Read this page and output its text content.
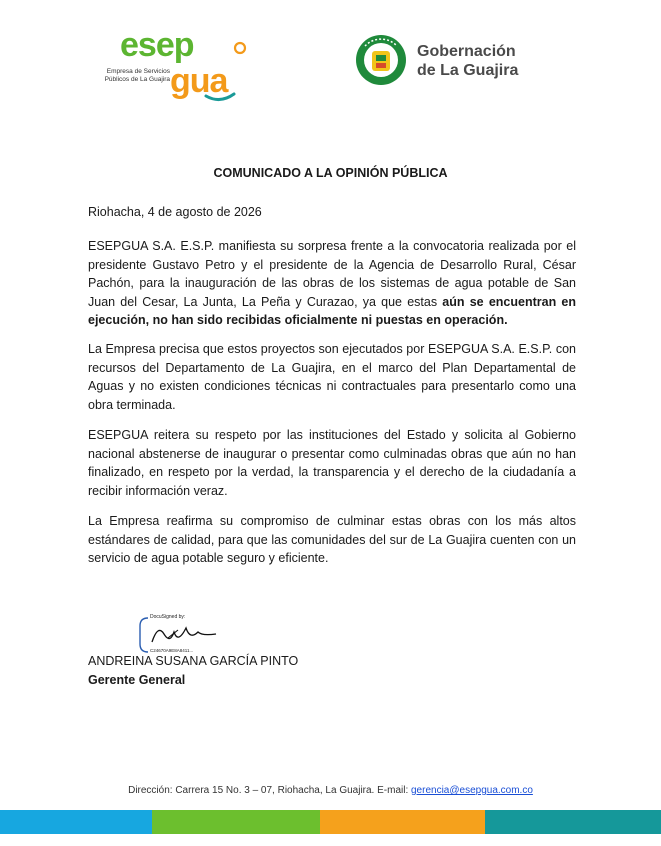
esep
gua
Empresa de Servicios Públicos de La Guajira
Gobernación
de La Guajira
COMUNICADO A LA OPINIÓN PÚBLICA

Riohacha, 4 de agosto de 2026

ESEPGUA S.A. E.S.P. manifiesta su sorpresa frente a la convocatoria realizada por el presidente Gustavo Petro y el presidente de la Agencia de Desarrollo Rural, César Pachón, para la inauguración de las obras de los sistemas de agua potable de San Juan del Cesar, La Junta, La Peña y Curazao, ya que estas aún se encuentran en ejecución, no han sido recibidas oficialmente ni puestas en operación.

La Empresa precisa que estos proyectos son ejecutados por ESEPGUA S.A. E.S.P. con recursos del Departamento de La Guajira, en el marco del Plan Departamental de Aguas y no existen condiciones técnicas ni contractuales para presentarlo como una obra terminada.

ESEPGUA reitera su respeto por las instituciones del Estado y solicita al Gobierno nacional abstenerse de inaugurar o presentar como culminadas obras que aún no han finalizado, en respeto por la verdad, la transparencia y el derecho de la ciudadanía a recibir información veraz.

La Empresa reafirma su compromiso de culminar estas obras con los más altos estándares de calidad, para que las comunidades del sur de La Guajira cuenten con un servicio de agua potable seguro y eficiente.

DocuSigned by:
C24670A9E8A8411...
ANDREINA SUSANA GARCÍA PINTO
Gerente General
Dirección: Carrera 15 No. 3 – 07, Riohacha, La Guajira. E-mail: gerencia@esepgua.com.co
